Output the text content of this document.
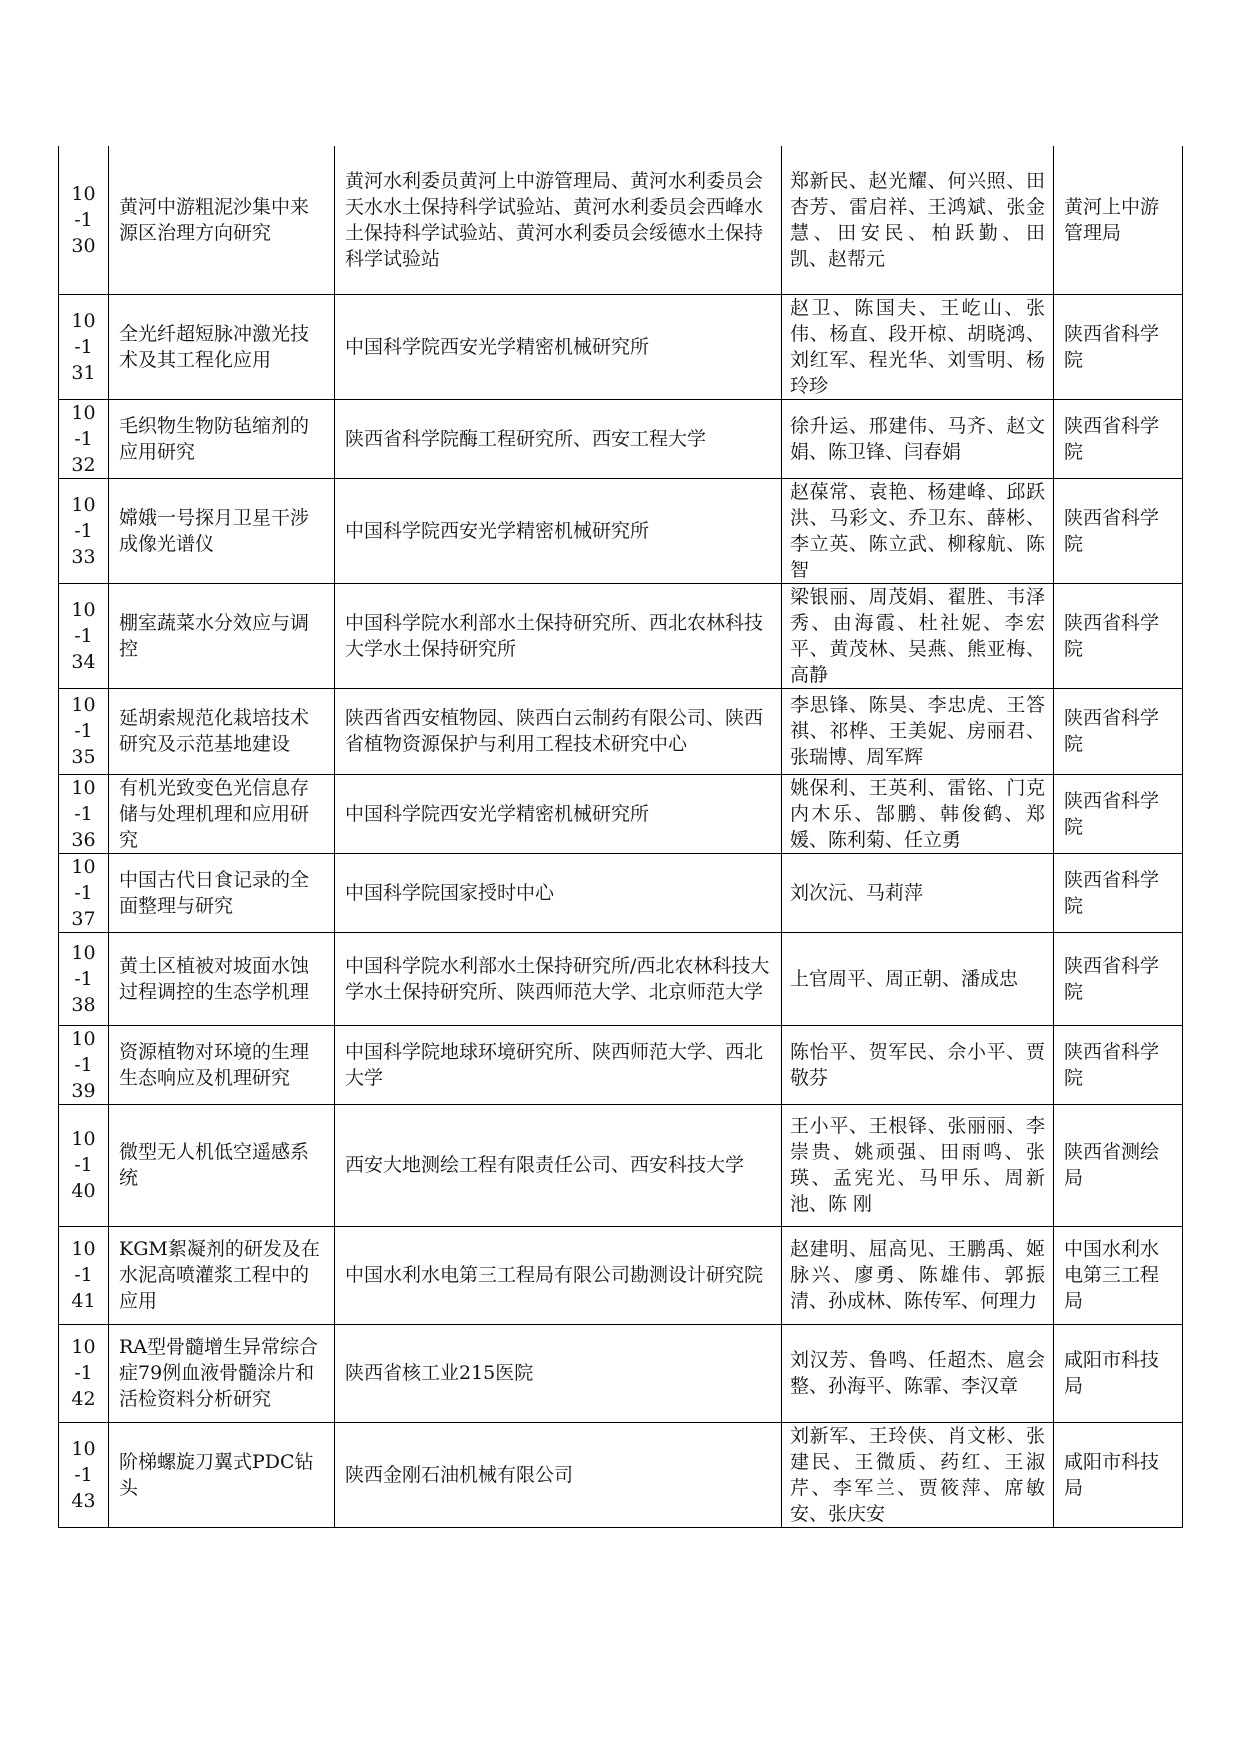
10-130	黄河中游粗泥沙集中来源区治理方向研究	黄河水利委员黄河上中游管理局、黄河水利委员会天水水土保持科学试验站、黄河水利委员会西峰水土保持科学试验站、黄河水利委员会绥德水土保持科学试验站	郑新民、赵光耀、何兴照、田杏芳、雷启祥、王鸿斌、张金慧、田安民、柏跃勤、田　凯、赵帮元	黄河上中游管理局

10-131	全光纤超短脉冲激光技术及其工程化应用	中国科学院西安光学精密机械研究所	赵卫、陈国夫、王屹山、张伟、杨直、段开椋、胡晓鸿、刘红军、程光华、刘雪明、杨玲珍	陕西省科学院

10-132	毛织物生物防毡缩剂的应用研究	陕西省科学院酶工程研究所、西安工程大学	徐升运、邢建伟、马齐、赵文娟、陈卫锋、闫春娟	陕西省科学院

10-133	嫦娥一号探月卫星干涉成像光谱仪	中国科学院西安光学精密机械研究所	赵葆常、袁艳、杨建峰、邱跃洪、马彩文、乔卫东、薛彬、李立英、陈立武、柳稼航、陈智	陕西省科学院

10-134	棚室蔬菜水分效应与调控	中国科学院水利部水土保持研究所、西北农林科技大学水土保持研究所	梁银丽、周茂娟、翟胜、韦泽秀、由海霞、杜社妮、李宏平、黄茂林、吴燕、熊亚梅、高静	陕西省科学院

10-135	延胡索规范化栽培技术研究及示范基地建设	陕西省西安植物园、陕西白云制药有限公司、陕西省植物资源保护与利用工程技术研究中心	李思锋、陈昊、李忠虎、王答祺、祁桦、王美妮、房丽君、张瑞博、周军辉	陕西省科学院

10-136	有机光致变色光信息存储与处理机理和应用研究	中国科学院西安光学精密机械研究所	姚保利、王英利、雷铭、门克内木乐、郜鹏、韩俊鹤、郑媛、陈利菊、任立勇	陕西省科学院

10-137	中国古代日食记录的全面整理与研究	中国科学院国家授时中心	刘次沅、马莉萍	陕西省科学院

10-138	黄土区植被对坡面水蚀过程调控的生态学机理	中国科学院水利部水土保持研究所/西北农林科技大学水土保持研究所、陕西师范大学、北京师范大学	上官周平、周正朝、潘成忠	陕西省科学院

10-139	资源植物对环境的生理生态响应及机理研究	中国科学院地球环境研究所、陕西师范大学、西北大学	陈怡平、贺军民、佘小平、贾敬芬	陕西省科学院

10-140	微型无人机低空遥感系统	西安大地测绘工程有限责任公司、西安科技大学	王小平、王根铎、张丽丽、李崇贵、姚顽强、田雨鸣、张瑛、孟宪光、马甲乐、周新池、陈 刚	陕西省测绘局

10-141	KGM絮凝剂的研发及在水泥高喷灌浆工程中的应用	中国水利水电第三工程局有限公司勘测设计研究院	赵建明、屈高见、王鹏禹、姬脉兴、廖勇、陈雄伟、郭振清、孙成林、陈传军、何理力	中国水利水电第三工程局

10-142	RA型骨髓增生异常综合症79例血液骨髓涂片和活检资料分析研究	陕西省核工业215医院	刘汉芳、鲁鸣、任超杰、扈会整、孙海平、陈霏、李汉章	咸阳市科技局

10-143	阶梯螺旋刀翼式PDC钻头	陕西金刚石油机械有限公司	刘新军、王玲侠、肖文彬、张建民、王微质、药红、王淑芹、李军兰、贾筱萍、席敏安、张庆安	咸阳市科技局
